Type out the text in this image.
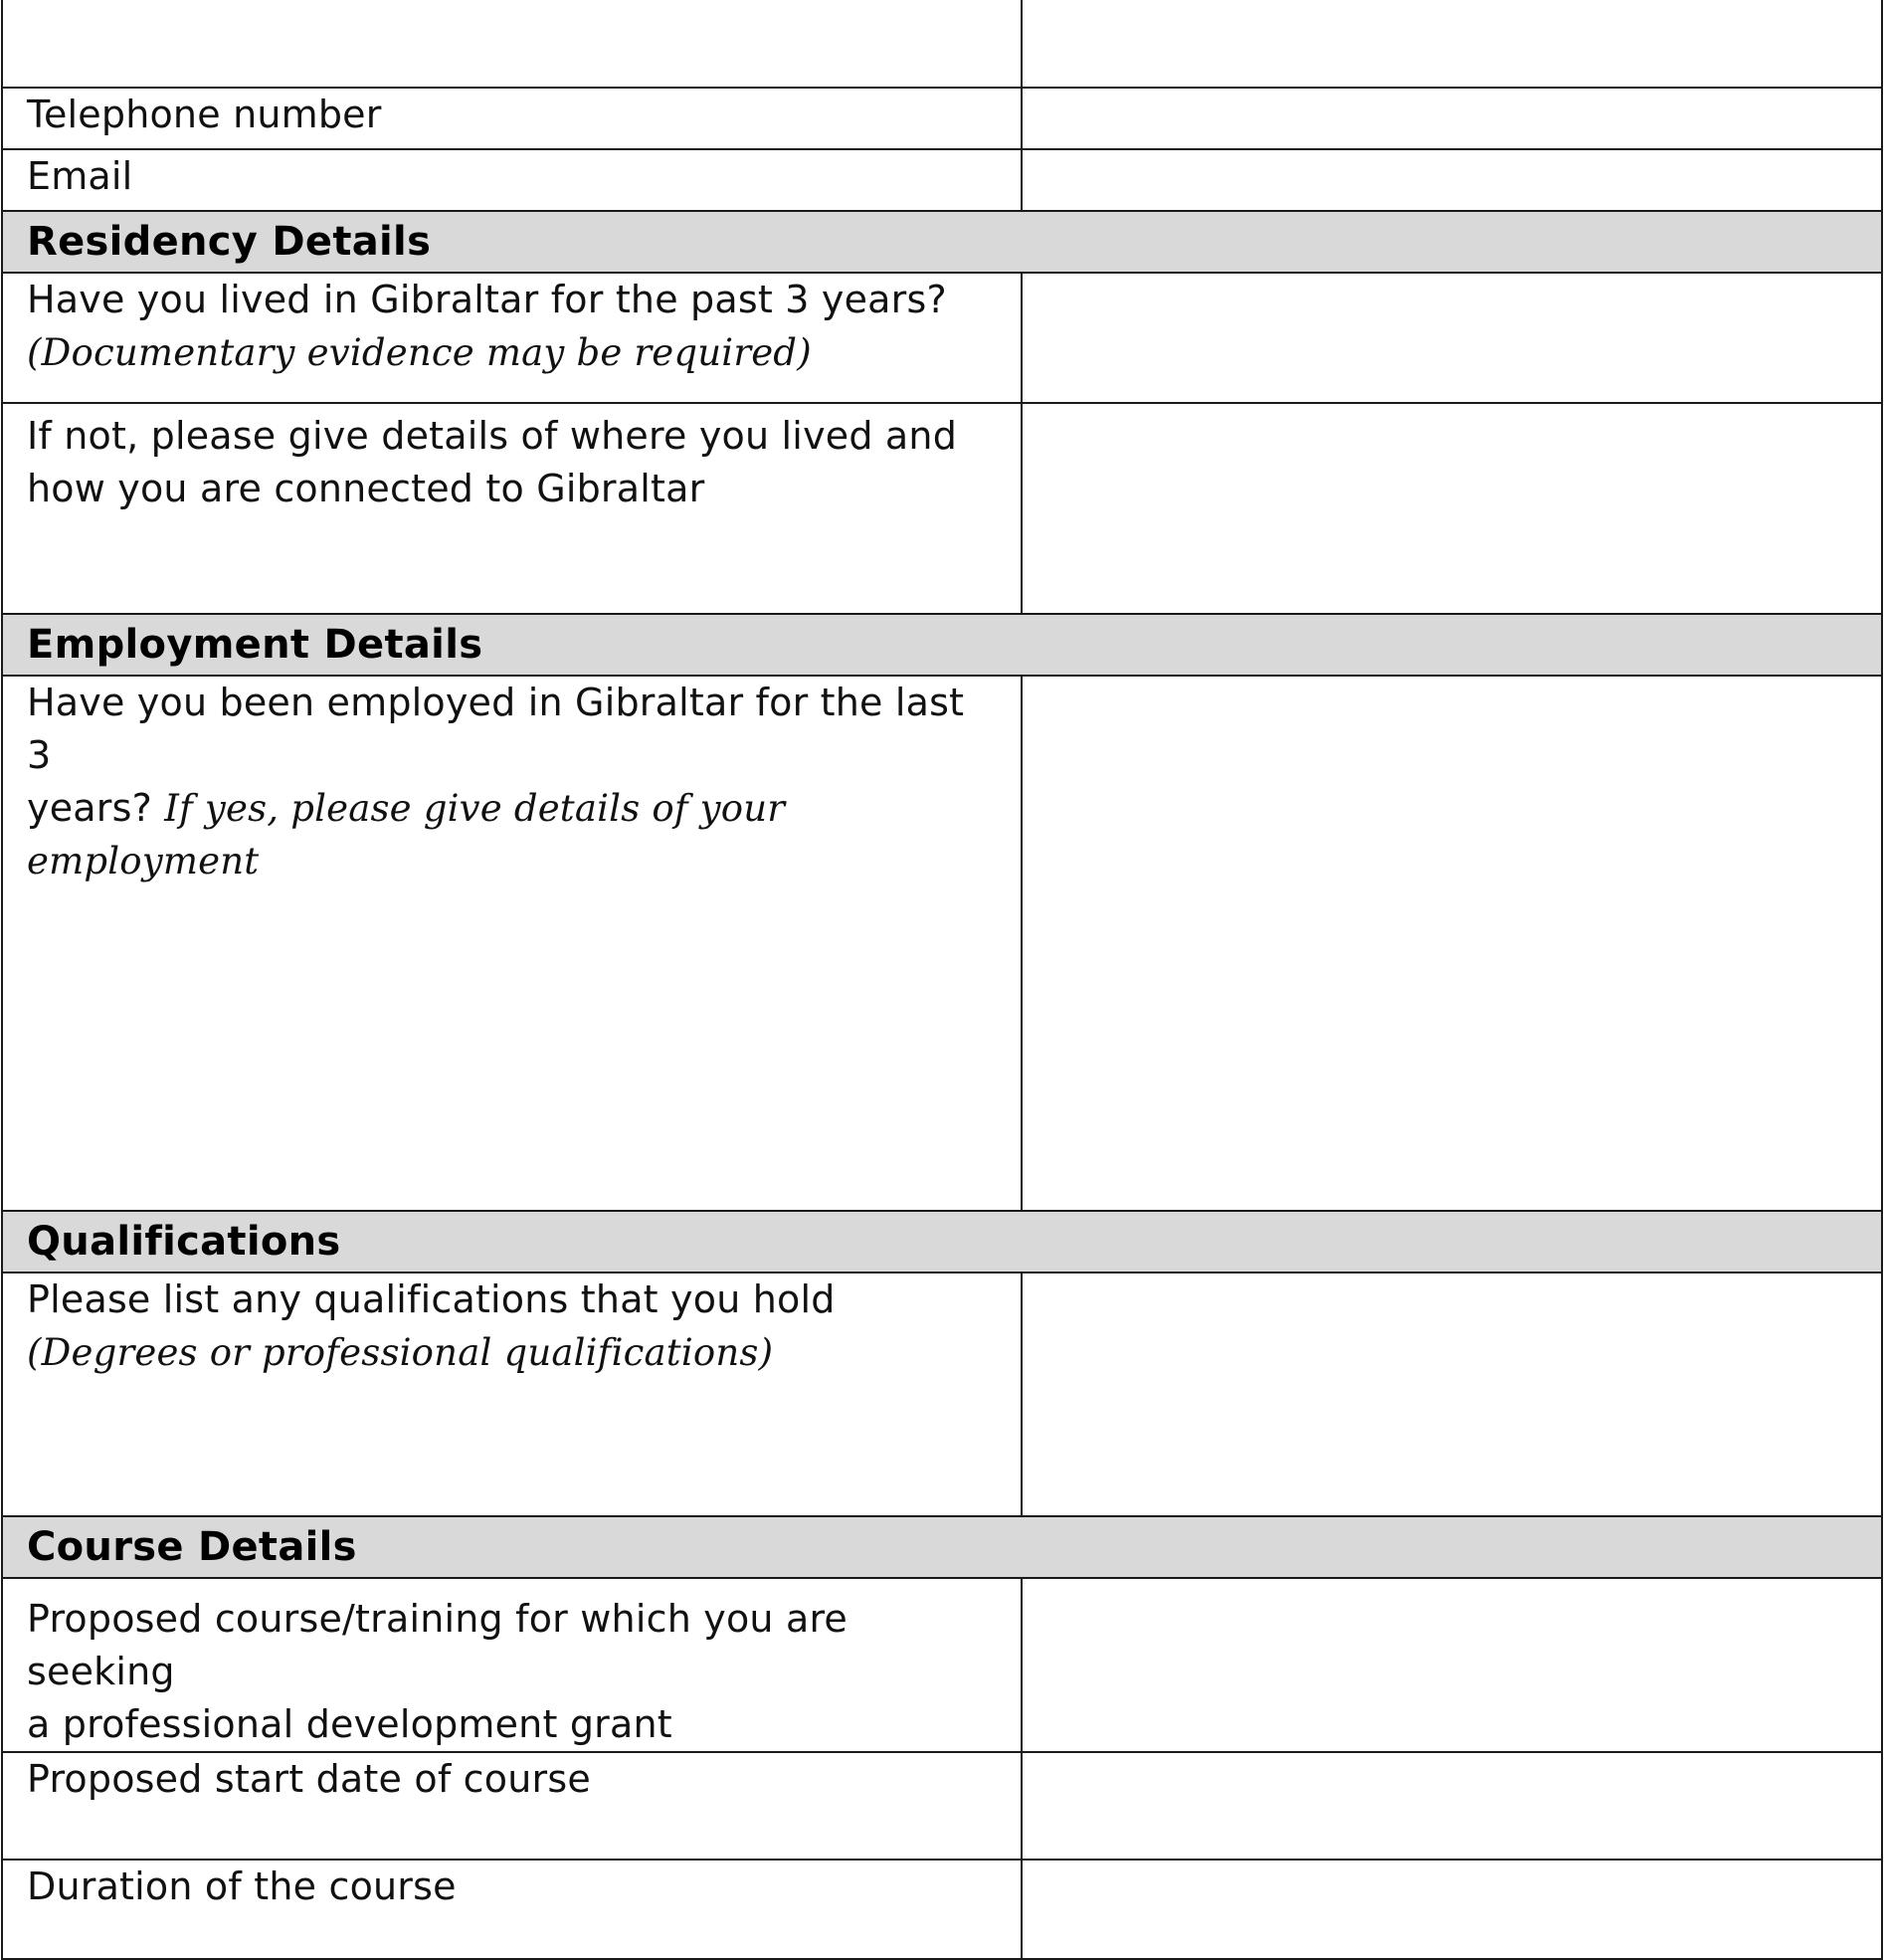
Telephone number	

Email	

Residency Details	

Have you lived in Gibraltar for the past 3 years?
(Documentary evidence may be required)	

If not, please give details of where you lived and
how you are connected to Gibraltar	

Employment Details	

Have you been employed in Gibraltar for the last 3
years? If yes, please give details of your employment	

Qualifications	

Please list any qualifications that you hold
(Degrees or professional qualifications)	

Course Details	

Proposed course/training for which you are seeking
a professional development grant	

Proposed start date of course	

Duration of the course	
